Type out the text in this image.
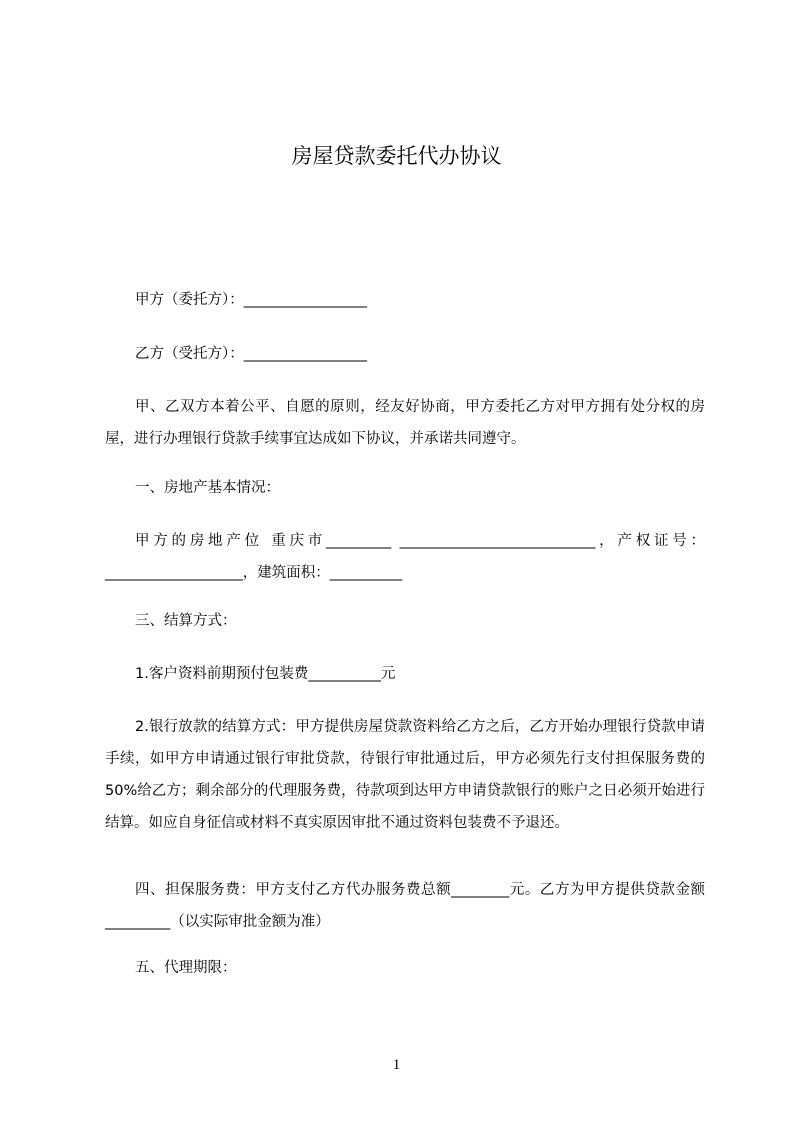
房屋贷款委托代办协议

甲方（委托方）：_________________

乙方（受托方）：_________________

甲、乙双方本着公平、自愿的原则，经友好协商，甲方委托乙方对甲方拥有处分权的房屋，进行办理银行贷款手续事宜达成如下协议，并承诺共同遵守。

一、房地产基本情况：

甲方的房地产位 重庆市_________ ___________________________，产权证号：___________________，建筑面积：__________

三、结算方式：

1.客户资料前期预付包装费__________元

2.银行放款的结算方式：甲方提供房屋贷款资料给乙方之后，乙方开始办理银行贷款申请手续，如甲方申请通过银行审批贷款，待银行审批通过后，甲方必须先行支付担保服务费的 50%给乙方；剩余部分的代理服务费，待款项到达甲方申请贷款银行的账户之日必须开始进行结算。如应自身征信或材料不真实原因审批不通过资料包装费不予退还。

四、担保服务费：甲方支付乙方代办服务费总额________元。乙方为甲方提供贷款金额_________（以实际审批金额为准）

五、代理期限：

1
